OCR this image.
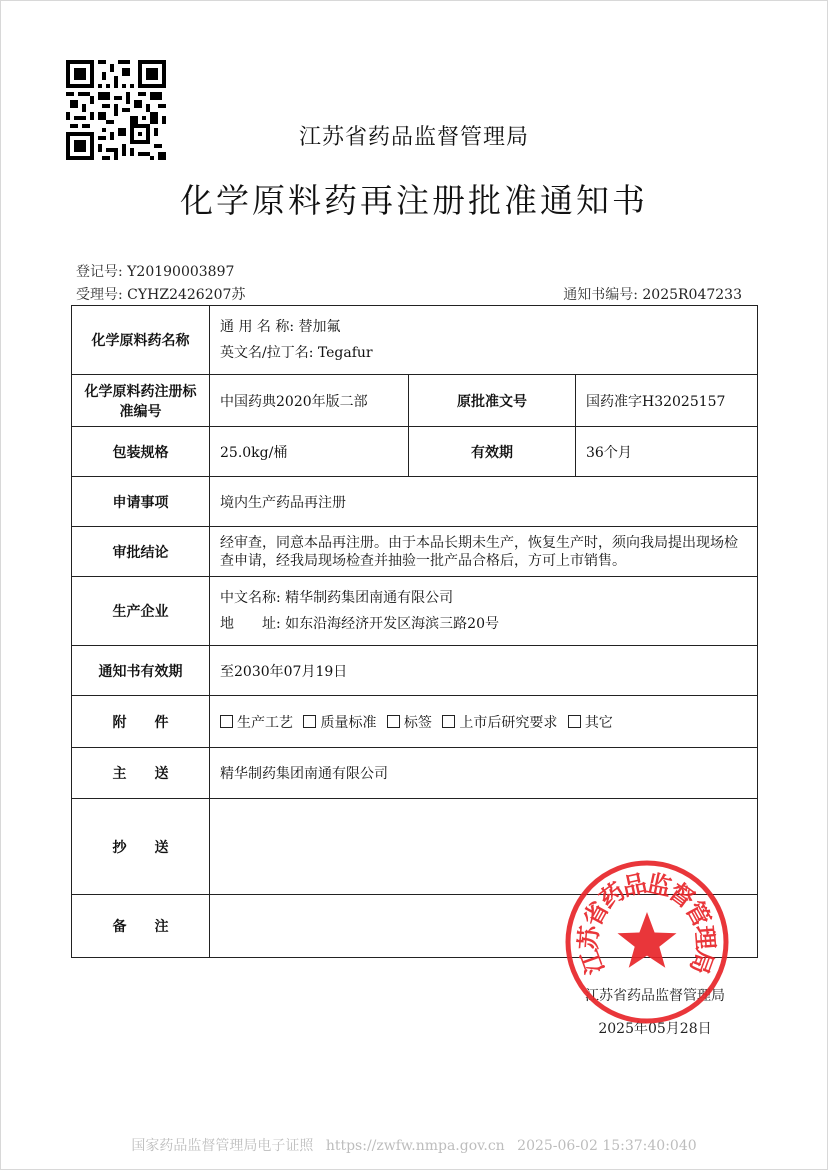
江苏省药品监督管理局
化学原料药再注册批准通知书
登记号: Y20190003897
受理号: CYHZ2426207苏	通知书编号: 2025R047233
化学原料药名称	通 用 名 称: 替加氟
英文名/拉丁名: Tegafur		

化学原料药注册标准编号	中国药典2020年版二部	原批准文号	国药准字H32025157
包装规格	25.0kg/桶	有效期	36个月
申请事项	境内生产药品再注册		
审批结论	经审查，同意本品再注册。由于本品长期未生产，恢复生产时，须向我局提出现场检查申请，经我局现场检查并抽验一批产品合格后，方可上市销售。		
生产企业	中文名称: 精华制药集团南通有限公司
地　　址: 如东沿海经济开发区海滨三路20号		

通知书有效期	至2030年07月19日		
附　　件	生产工艺 质量标准 标签 上市后研究要求 其它		
主　　送	精华制药集团南通有限公司		
抄　　送			
备　　注			
江苏省药品监督管理局
2025年05月28日
江
苏
省
药
品
监
督
管
理
局
国家药品监督管理局电子证照 https://zwfw.nmpa.gov.cn 2025-06-02 15:37:40:040
